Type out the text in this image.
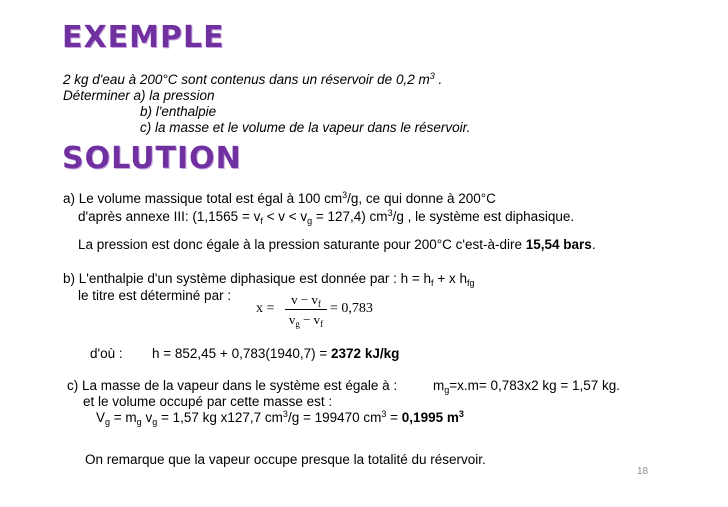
EXEMPLE
SOLUTION
2 kg d'eau à 200°C sont contenus dans un réservoir de 0,2 $m^3$ .
Déterminer a) la pression
b) l'enthalpie
c) la masse et le volume de la vapeur dans le réservoir.
a) Le volume massique total est égal à 100 $cm^3/g$, ce qui donne à 200°C
d'après annexe III: $(1,1565 = v_f < v < v_g = 127,4)$ $cm^3/g$ , le système est diphasique.
La pression est donc égale à la pression saturante pour 200°C c'est-à-dire 15,54 bars.
b) L'enthalpie d'un système diphasique est donnée par : $h = h_f + x$ $h_{fg}$
le titre est déterminé par :
x =
$v - v_f$
$v_g - v_f$
= 0,783
d'où : h = 852,45 + 0,783(1940,7) = 2372 kJ/kg
c) La masse de la vapeur dans le système est égale à :	$m_g=x.m= 0,783x2$ kg = 1,57 kg.
et le volume occupé par cette masse est :
$V_g = m_g$ $v_g = 1,57$ kg x127,7 $cm^3/g = 199470$ $cm^3 = 0,1995$ $m^3$
On remarque que la vapeur occupe presque la totalité du réservoir.
18
